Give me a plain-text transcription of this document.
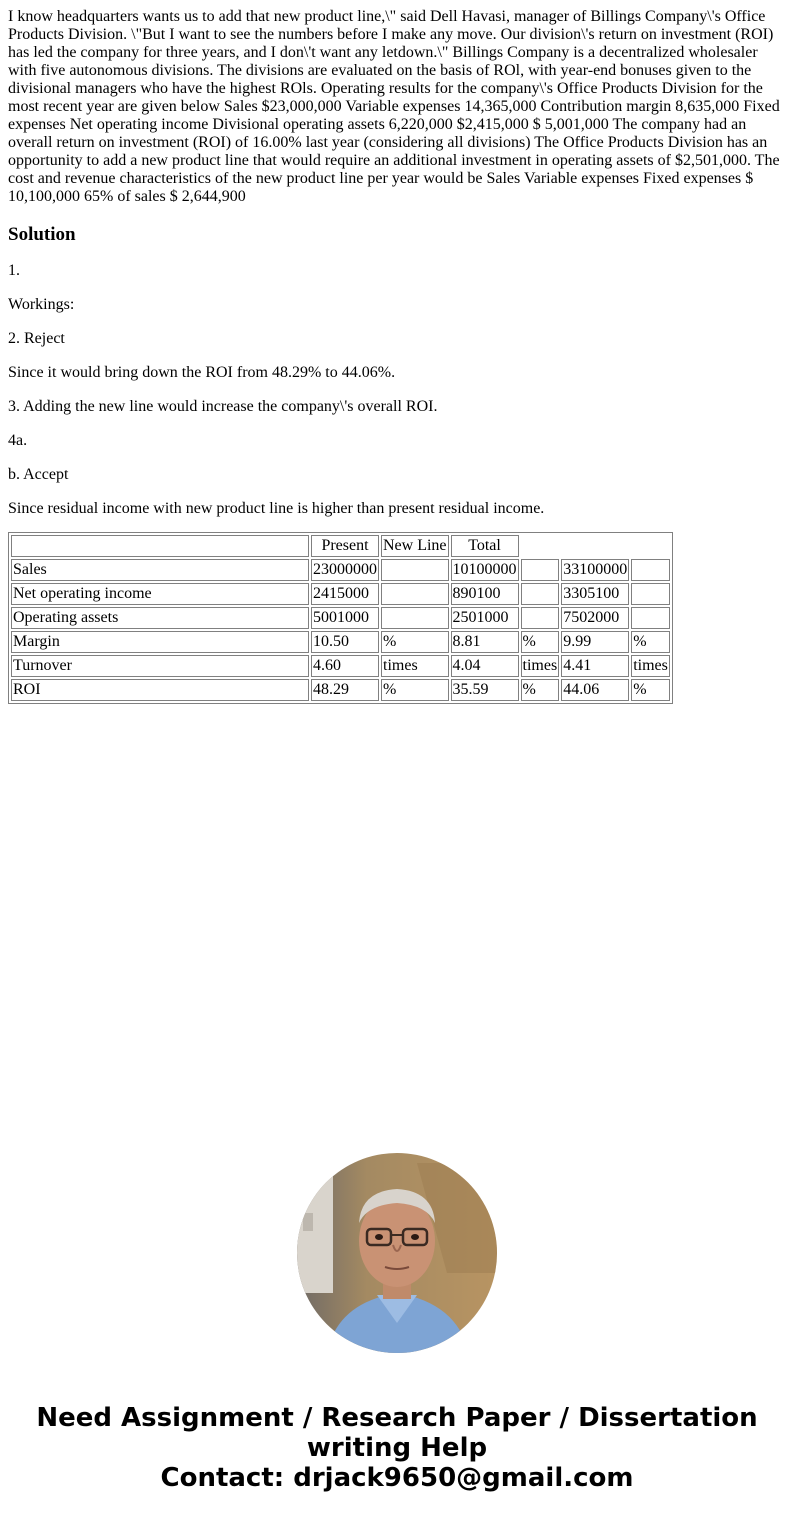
I know headquarters wants us to add that new product line,\" said Dell Havasi, manager of Billings Company\'s Office Products Division. \"But I want to see the numbers before I make any move. Our division\'s return on investment (ROI) has led the company for three years, and I don\'t want any letdown.\" Billings Company is a decentralized wholesaler with five autonomous divisions. The divisions are evaluated on the basis of ROl, with year-end bonuses given to the divisional managers who have the highest ROls. Operating results for the company\'s Office Products Division for the most recent year are given below Sales $23,000,000 Variable expenses 14,365,000 Contribution margin 8,635,000 Fixed expenses Net operating income Divisional operating assets 6,220,000 $2,415,000 $ 5,001,000 The company had an overall return on investment (ROI) of 16.00% last year (considering all divisions) The Office Products Division has an opportunity to add a new product line that would require an additional investment in operating assets of $2,501,000. The cost and revenue characteristics of the new product line per year would be Sales Variable expenses Fixed expenses $ 10,100,000 65% of sales $ 2,644,900
Solution

1.

Workings:

2. Reject

Since it would bring down the ROI from 48.29% to 44.06%.

3. Adding the new line would increase the company\'s overall ROI.

4a.

b. Accept

Since residual income with new product line is higher than present residual income.

	Present	New Line	Total			
Sales	23000000		10100000		33100000	
Net operating income	2415000		890100		3305100	
Operating assets	5001000		2501000		7502000	
Margin	10.50	%	8.81	%	9.99	%
Turnover	4.60	times	4.04	times	4.41	times
ROI	48.29	%	35.59	%	44.06	%
Need Assignment / Research Paper / Dissertation
writing Help
Contact: drjack9650@gmail.com
